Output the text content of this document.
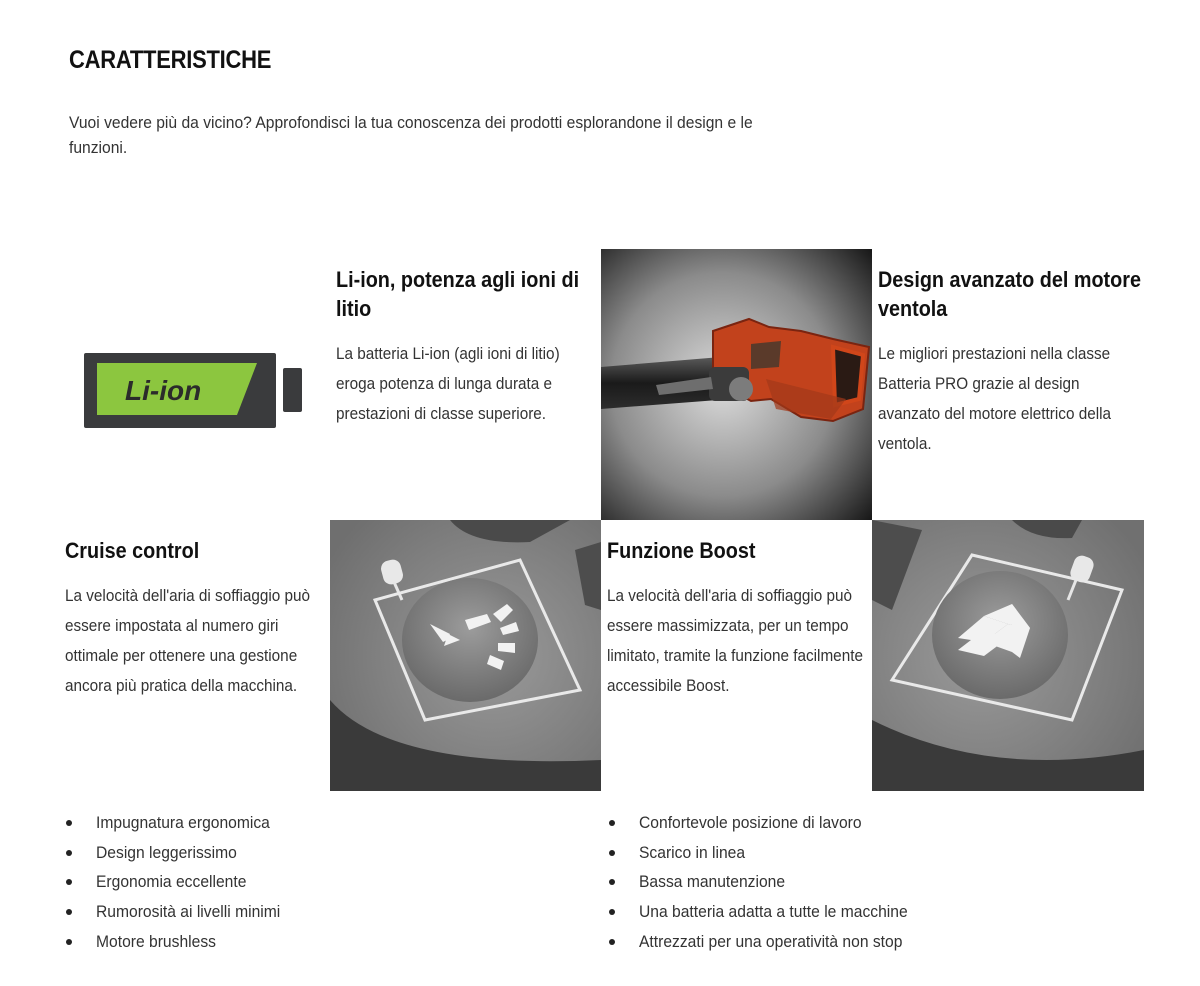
CARATTERISTICHE

Vuoi vedere più da vicino? Approfondisci la tua conoscenza dei prodotti esplorandone il design e le funzioni.

Li-ion
Li-ion, potenza agli ioni di litio

La batteria Li-ion (agli ioni di litio) eroga potenza di lunga durata e prestazioni di classe superiore.

Design avanzato del motore ventola

Le migliori prestazioni nella classe Batteria PRO grazie al design avanzato del motore elettrico della ventola.

Cruise control

La velocità dell'aria di soffiaggio può essere impostata al numero giri ottimale per ottenere una gestione ancora più pratica della macchina.

Funzione Boost

La velocità dell'aria di soffiaggio può essere massimizzata, per un tempo limitato, tramite la funzione facilmente accessibile Boost.

Impugnatura ergonomica
Design leggerissimo
Ergonomia eccellente
Rumorosità ai livelli minimi
Motore brushless
Confortevole posizione di lavoro
Scarico in linea
Bassa manutenzione
Una batteria adatta a tutte le macchine
Attrezzati per una operatività non stop
